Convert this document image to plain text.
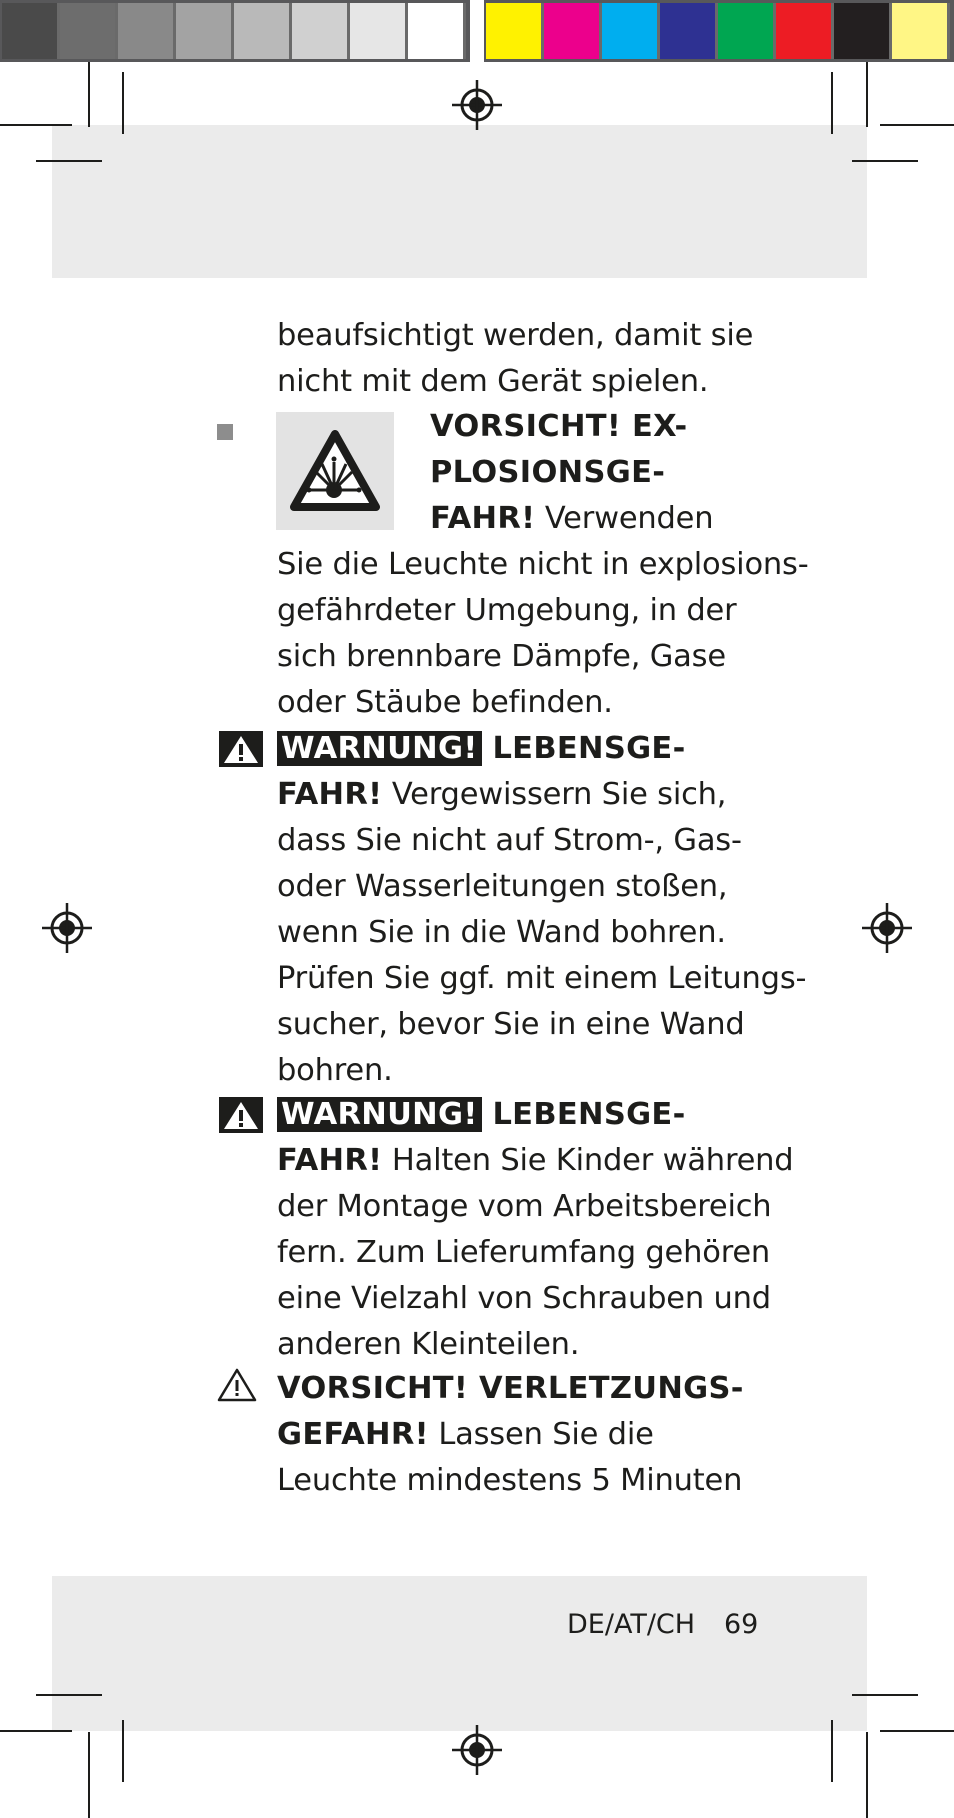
beaufsichtigt werden, damit sie
nicht mit dem Gerät spielen.
VORSICHT! EX-
PLOSIONSGE-
FAHR! Verwenden
Sie die Leuchte nicht in explosions-
gefährdeter Umgebung, in der
sich brennbare Dämpfe, Gase
oder Stäube befinden.
WARNUNG! LEBENSGE-
FAHR! Vergewissern Sie sich,
dass Sie nicht auf Strom-, Gas-
oder Wasserleitungen stoßen,
wenn Sie in die Wand bohren.
Prüfen Sie ggf. mit einem Leitungs-
sucher, bevor Sie in eine Wand
bohren.
WARNUNG! LEBENSGE-
FAHR! Halten Sie Kinder während
der Montage vom Arbeitsbereich
fern. Zum Lieferumfang gehören
eine Vielzahl von Schrauben und
anderen Kleinteilen.
VORSICHT! VERLETZUNGS-
GEFAHR! Lassen Sie die
Leuchte mindestens 5 Minuten
DE/AT/CH 69
